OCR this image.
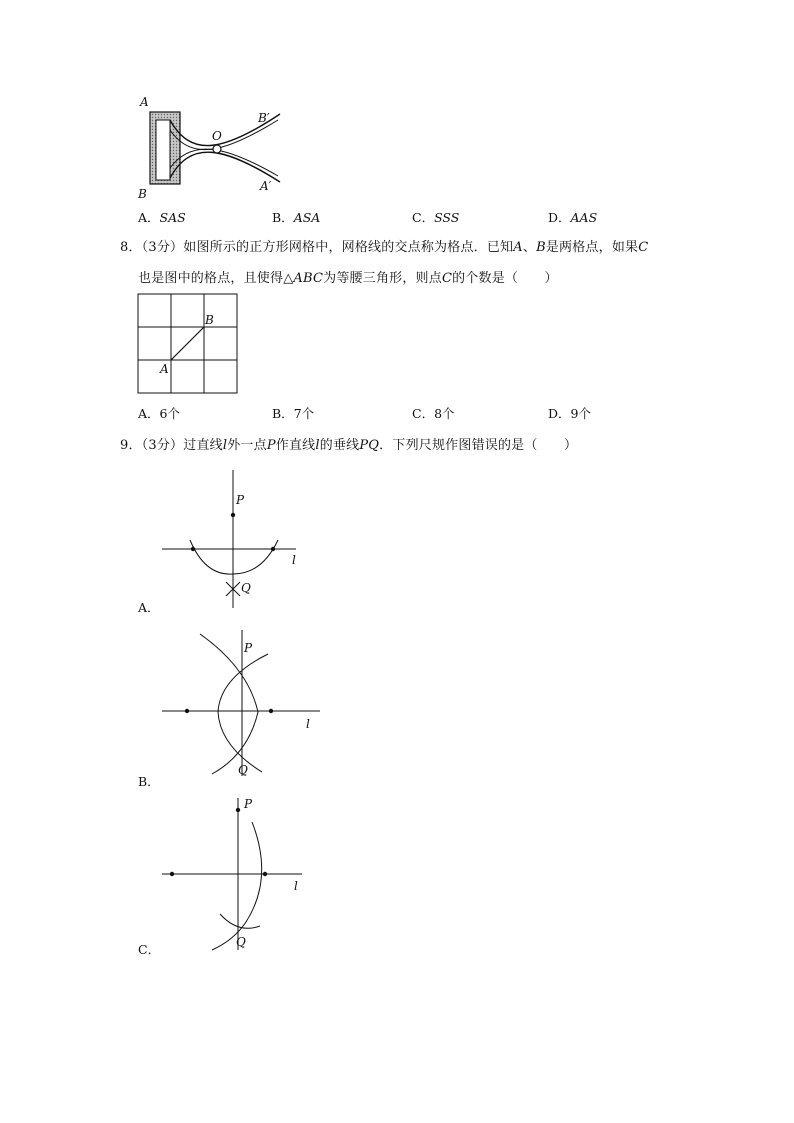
A
B
O
B′
A′
A．SAS	B．ASA	C．SSS	D．AAS
8．（3分）如图所示的正方形网格中，网格线的交点称为格点．已知A、B是两格点，如果C
也是图中的格点，且使得△ABC为等腰三角形，则点C的个数是（　　）
B
A
A．6个	B．7个	C．8个	D．9个
9．（3分）过直线l外一点P作直线l的垂线PQ．下列尺规作图错误的是（　　）
P
Q
l
A．
P
Q
l
B．
P
Q
l
C．
